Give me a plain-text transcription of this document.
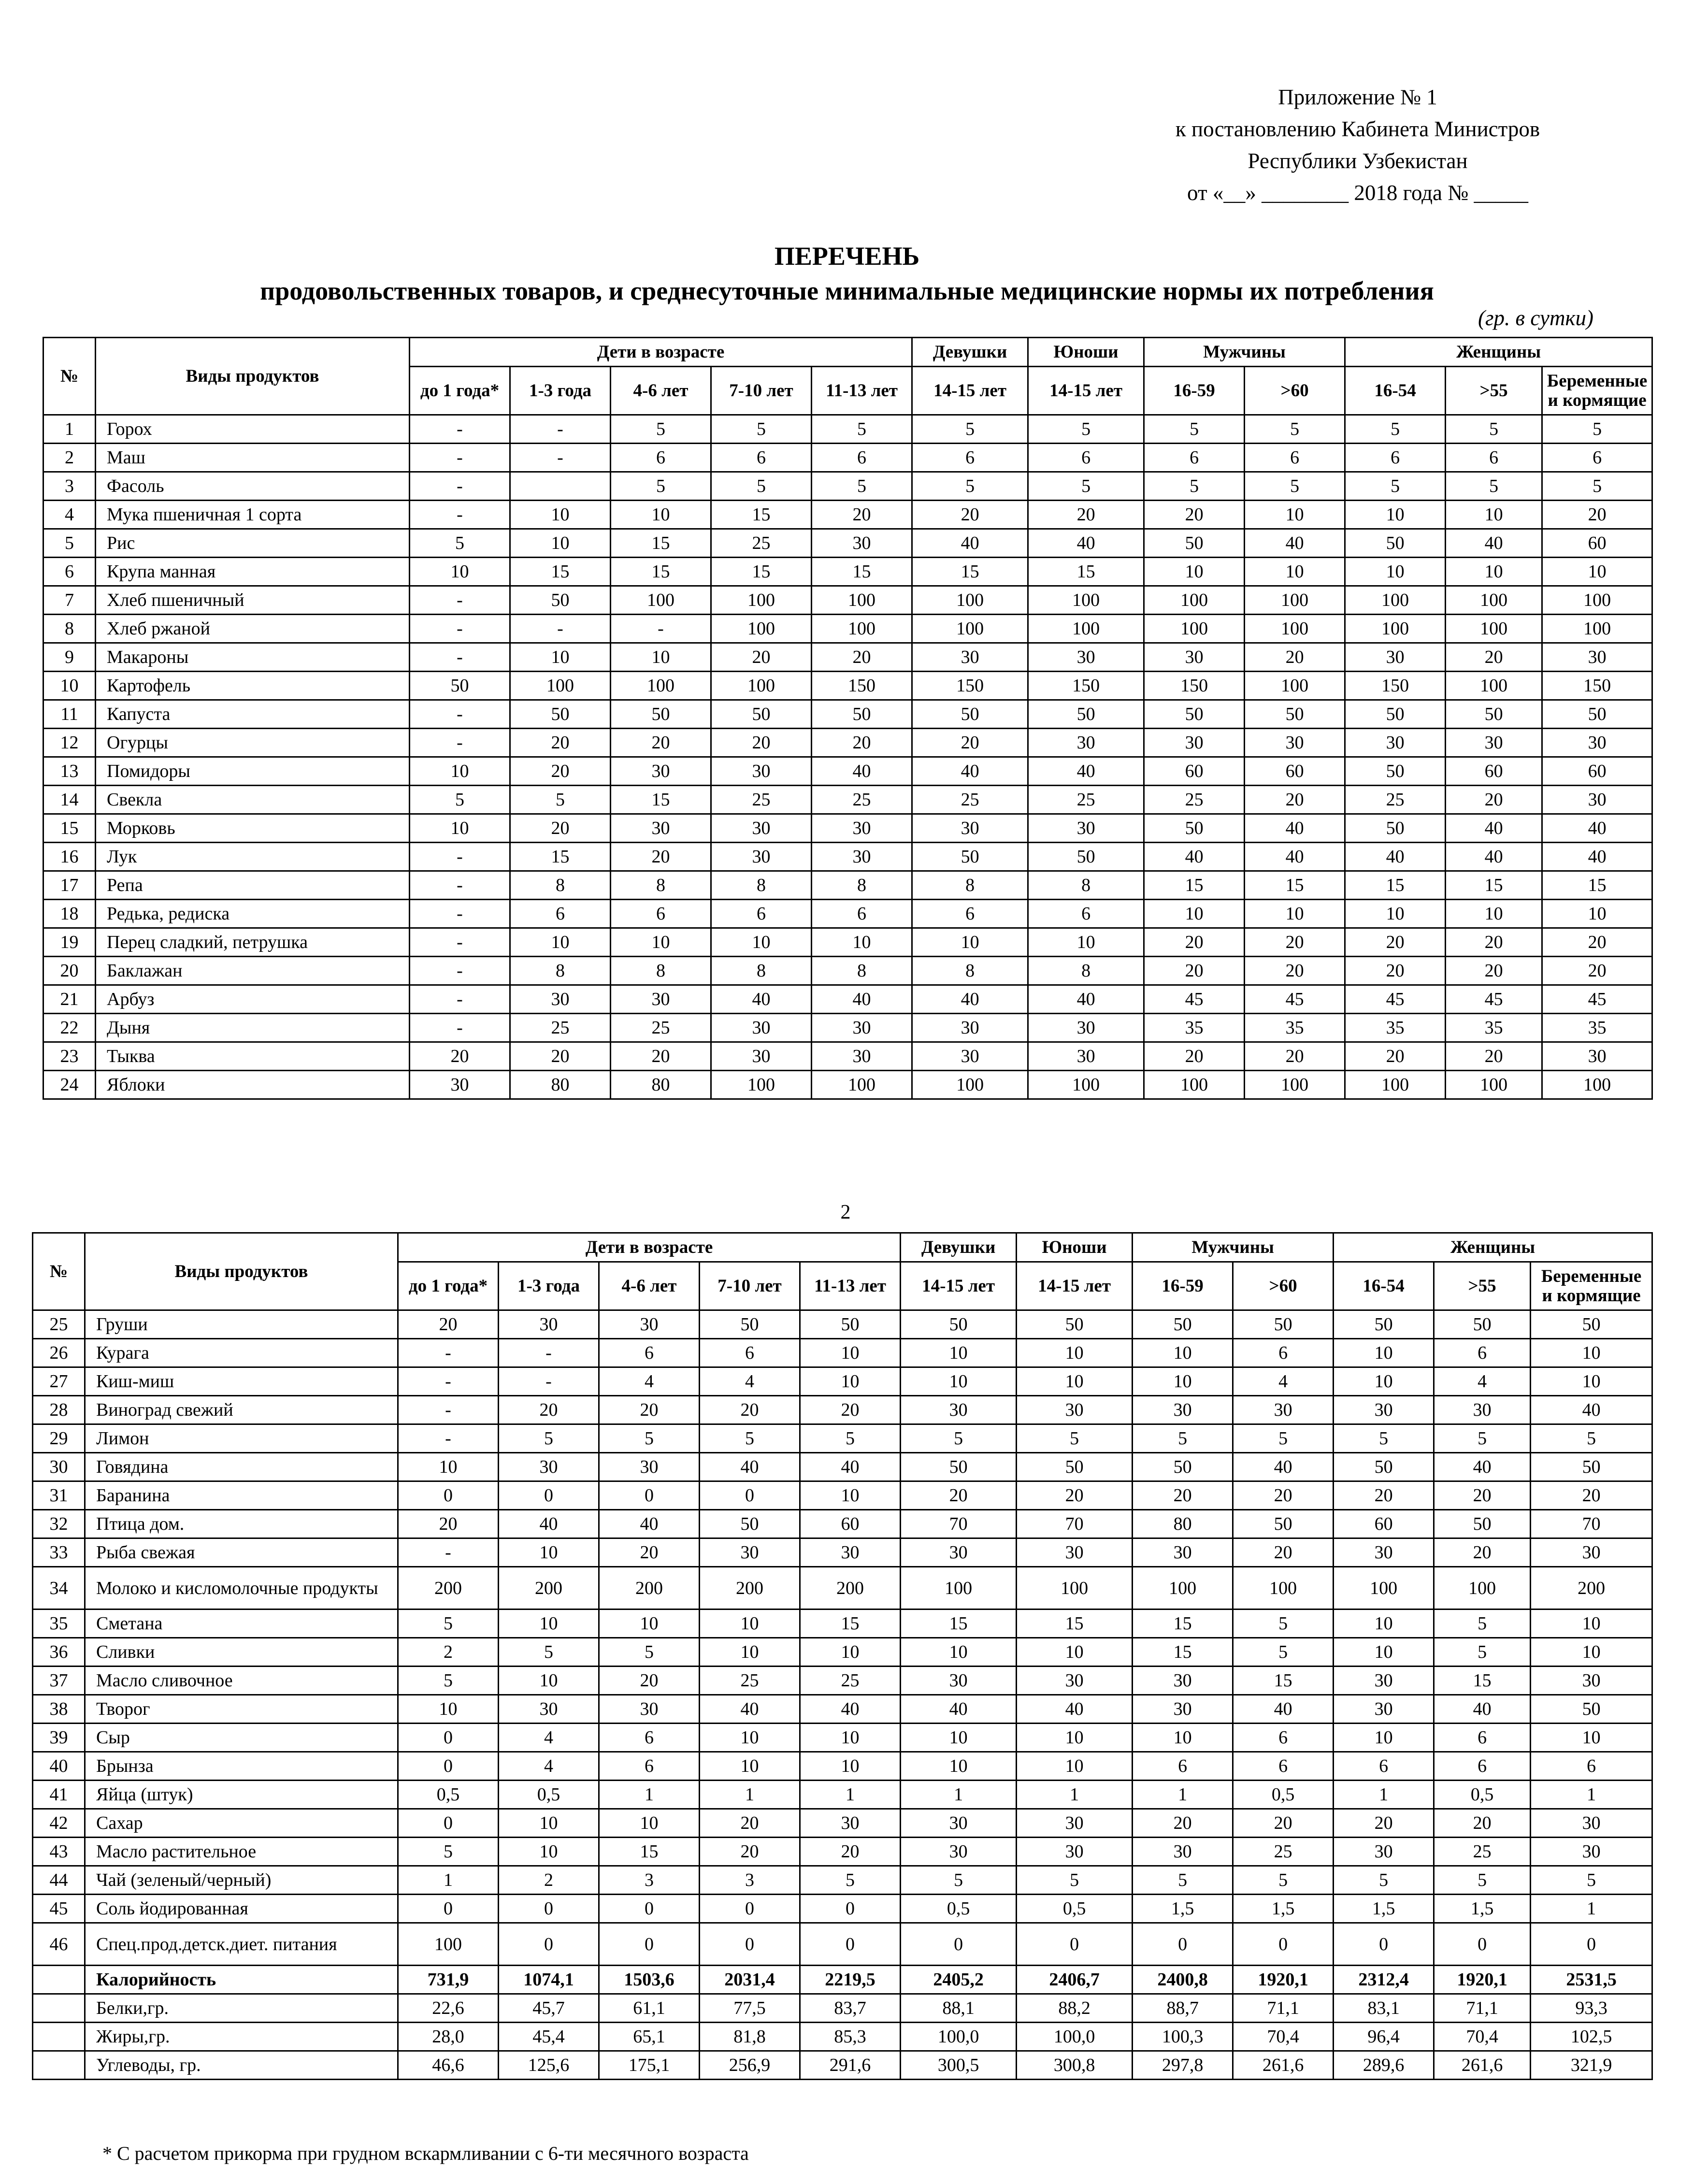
Приложение № 1
к постановлению Кабинета Министров
Республики Узбекистан
от «__» ________ 2018 года № _____
ПЕРЕЧЕНЬ
продовольственных товаров, и среднесуточные минимальные медицинские нормы их потребления
(гр. в сутки)
№	Виды продуктов	Дети в возрасте					Девушки	Юноши	Мужчины		Женщины		
		до 1 года*	1-3 года	4-6 лет	7-10 лет	11-13 лет	14-15 лет	14-15 лет	16-59	>60	16-54	>55	Беременные и кормящие
1	Горох	-	-	5	5	5	5	5	5	5	5	5	5
2	Маш	-	-	6	6	6	6	6	6	6	6	6	6
3	Фасоль	-		5	5	5	5	5	5	5	5	5	5
4	Мука пшеничная 1 сорта	-	10	10	15	20	20	20	20	10	10	10	20
5	Рис	5	10	15	25	30	40	40	50	40	50	40	60
6	Крупа манная	10	15	15	15	15	15	15	10	10	10	10	10
7	Хлеб пшеничный	-	50	100	100	100	100	100	100	100	100	100	100
8	Хлеб ржаной	-	-	-	100	100	100	100	100	100	100	100	100
9	Макароны	-	10	10	20	20	30	30	30	20	30	20	30
10	Картофель	50	100	100	100	150	150	150	150	100	150	100	150
11	Капуста	-	50	50	50	50	50	50	50	50	50	50	50
12	Огурцы	-	20	20	20	20	20	30	30	30	30	30	30
13	Помидоры	10	20	30	30	40	40	40	60	60	50	60	60
14	Свекла	5	5	15	25	25	25	25	25	20	25	20	30
15	Морковь	10	20	30	30	30	30	30	50	40	50	40	40
16	Лук	-	15	20	30	30	50	50	40	40	40	40	40
17	Репа	-	8	8	8	8	8	8	15	15	15	15	15
18	Редька, редиска	-	6	6	6	6	6	6	10	10	10	10	10
19	Перец сладкий, петрушка	-	10	10	10	10	10	10	20	20	20	20	20
20	Баклажан	-	8	8	8	8	8	8	20	20	20	20	20
21	Арбуз	-	30	30	40	40	40	40	45	45	45	45	45
22	Дыня	-	25	25	30	30	30	30	35	35	35	35	35
23	Тыква	20	20	20	30	30	30	30	20	20	20	20	30
24	Яблоки	30	80	80	100	100	100	100	100	100	100	100	100
2
№	Виды продуктов	Дети в возрасте					Девушки	Юноши	Мужчины		Женщины		
		до 1 года*	1-3 года	4-6 лет	7-10 лет	11-13 лет	14-15 лет	14-15 лет	16-59	>60	16-54	>55	Беременные и кормящие
25	Груши	20	30	30	50	50	50	50	50	50	50	50	50
26	Курага	-	-	6	6	10	10	10	10	6	10	6	10
27	Киш-миш	-	-	4	4	10	10	10	10	4	10	4	10
28	Виноград свежий	-	20	20	20	20	30	30	30	30	30	30	40
29	Лимон	-	5	5	5	5	5	5	5	5	5	5	5
30	Говядина	10	30	30	40	40	50	50	50	40	50	40	50
31	Баранина	0	0	0	0	10	20	20	20	20	20	20	20
32	Птица дом.	20	40	40	50	60	70	70	80	50	60	50	70
33	Рыба свежая	-	10	20	30	30	30	30	30	20	30	20	30
34	Молоко и кисломолочные продукты	200	200	200	200	200	100	100	100	100	100	100	200
35	Сметана	5	10	10	10	15	15	15	15	5	10	5	10
36	Сливки	2	5	5	10	10	10	10	15	5	10	5	10
37	Масло сливочное	5	10	20	25	25	30	30	30	15	30	15	30
38	Творог	10	30	30	40	40	40	40	30	40	30	40	50
39	Сыр	0	4	6	10	10	10	10	10	6	10	6	10
40	Брынза	0	4	6	10	10	10	10	6	6	6	6	6
41	Яйца (штук)	0,5	0,5	1	1	1	1	1	1	0,5	1	0,5	1
42	Сахар	0	10	10	20	30	30	30	20	20	20	20	30
43	Масло растительное	5	10	15	20	20	30	30	30	25	30	25	30
44	Чай (зеленый/черный)	1	2	3	3	5	5	5	5	5	5	5	5
45	Соль йодированная	0	0	0	0	0	0,5	0,5	1,5	1,5	1,5	1,5	1
46	Спец.прод.детск.диет. питания	100	0	0	0	0	0	0	0	0	0	0	0
	Калорийность	731,9	1074,1	1503,6	2031,4	2219,5	2405,2	2406,7	2400,8	1920,1	2312,4	1920,1	2531,5
	Белки,гр.	22,6	45,7	61,1	77,5	83,7	88,1	88,2	88,7	71,1	83,1	71,1	93,3
	Жиры,гр.	28,0	45,4	65,1	81,8	85,3	100,0	100,0	100,3	70,4	96,4	70,4	102,5
	Углеводы, гр.	46,6	125,6	175,1	256,9	291,6	300,5	300,8	297,8	261,6	289,6	261,6	321,9
* С расчетом прикорма при грудном вскармливании с 6-ти месячного возраста
